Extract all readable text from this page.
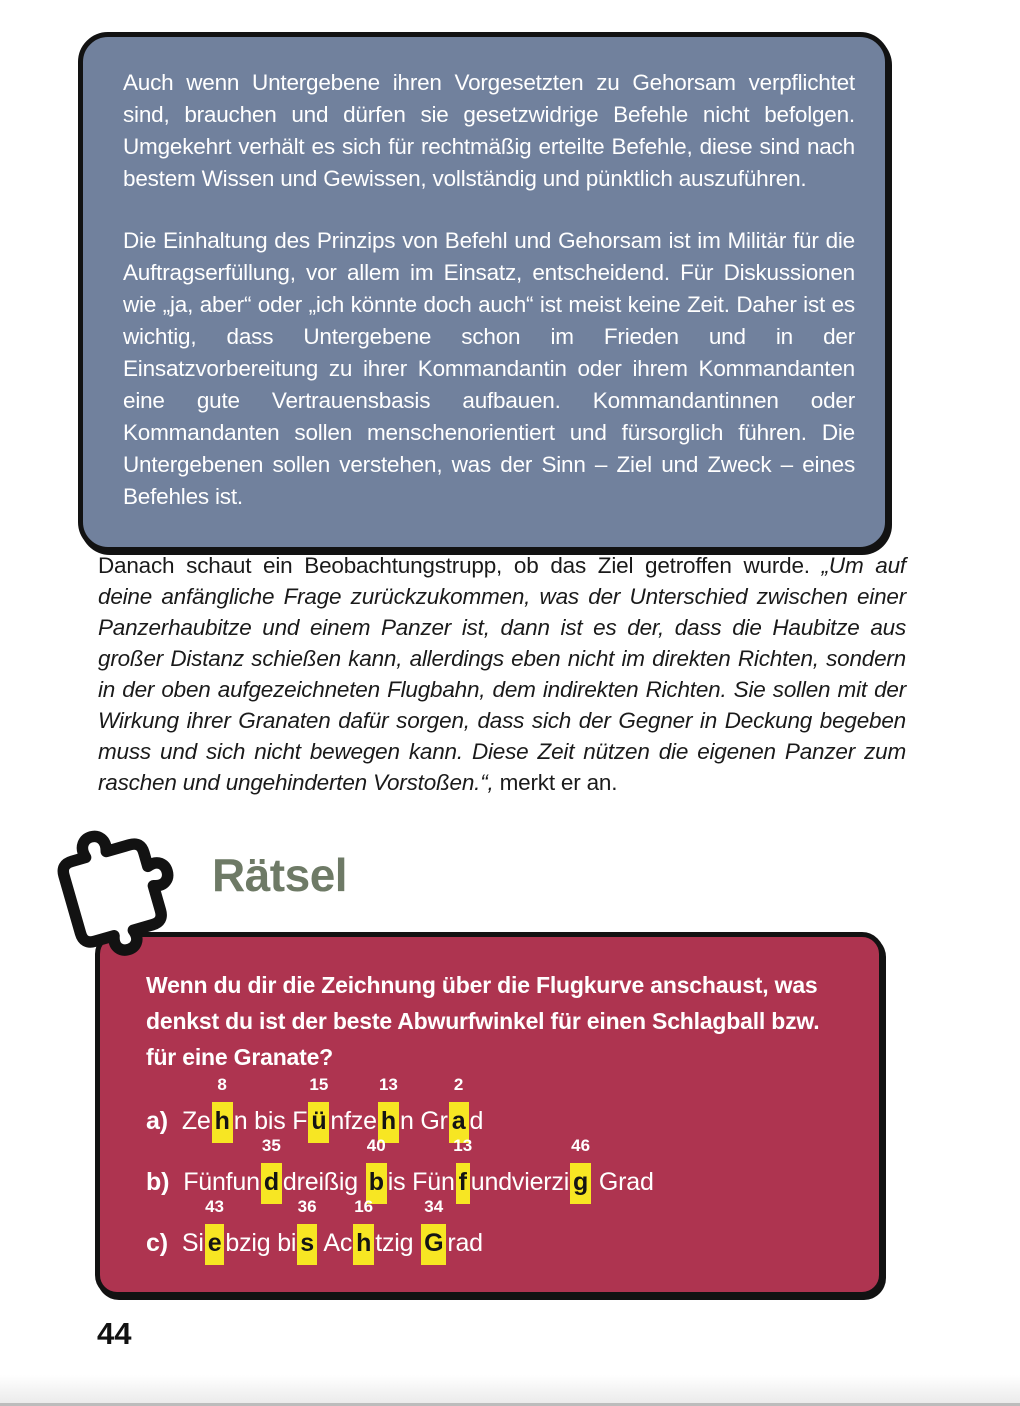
Auch wenn Untergebene ihren Vorgesetzten zu Gehorsam verpflichtet sind, brauchen und dürfen sie gesetzwidrige Befehle nicht befolgen. Umgekehrt verhält es sich für rechtmäßig erteilte Befehle, diese sind nach bestem Wissen und Gewissen, vollständig und pünktlich auszuführen.

Die Einhaltung des Prinzips von Befehl und Gehorsam ist im Militär für die Auftragserfüllung, vor allem im Einsatz, entscheidend. Für Diskussionen wie „ja, aber“ oder „ich könnte doch auch“ ist meist keine Zeit. Daher ist es wichtig, dass Untergebene schon im Frieden und in der Einsatzvorbereitung zu ihrer Kommandantin oder ihrem Kommandanten eine gute Vertrauensbasis aufbauen. Kommandantinnen oder Kommandanten sollen menschenorientiert und fürsorglich führen. Die Untergebenen sollen verstehen, was der Sinn – Ziel und Zweck – eines Befehles ist.

Danach schaut ein Beobachtungstrupp, ob das Ziel getroffen wurde. „Um auf deine anfängliche Frage zurückzukommen, was der Unterschied zwischen einer Panzerhaubitze und einem Panzer ist, dann ist es der, dass die Haubitze aus großer Distanz schießen kann, allerdings eben nicht im direkten Richten, sondern in der oben aufgezeichneten Flugbahn, dem indirekten Richten. Sie sollen mit der Wirkung ihrer Granaten dafür sorgen, dass sich der Gegner in Deckung begeben muss und sich nicht bewegen kann. Diese Zeit nützen die eigenen Panzer zum raschen und ungehinderten Vorstoßen.“, merkt er an.

Rätsel

Wenn du dir die Zeichnung über die Flugkurve anschaust, was denkst du ist der beste Abwurfwinkel für einen Schlagball bzw. für eine Granate?

a) Ze h
8
n bis F ü
15
nfze h
13
n Gr a
2
d
b) Fünfun d
35
dreißig b
40
is Fün f
13
undvierzi g
46
Grad
c) Si e
43
bzig bi s
36
Ac h
16
tzig G
34
rad
44
